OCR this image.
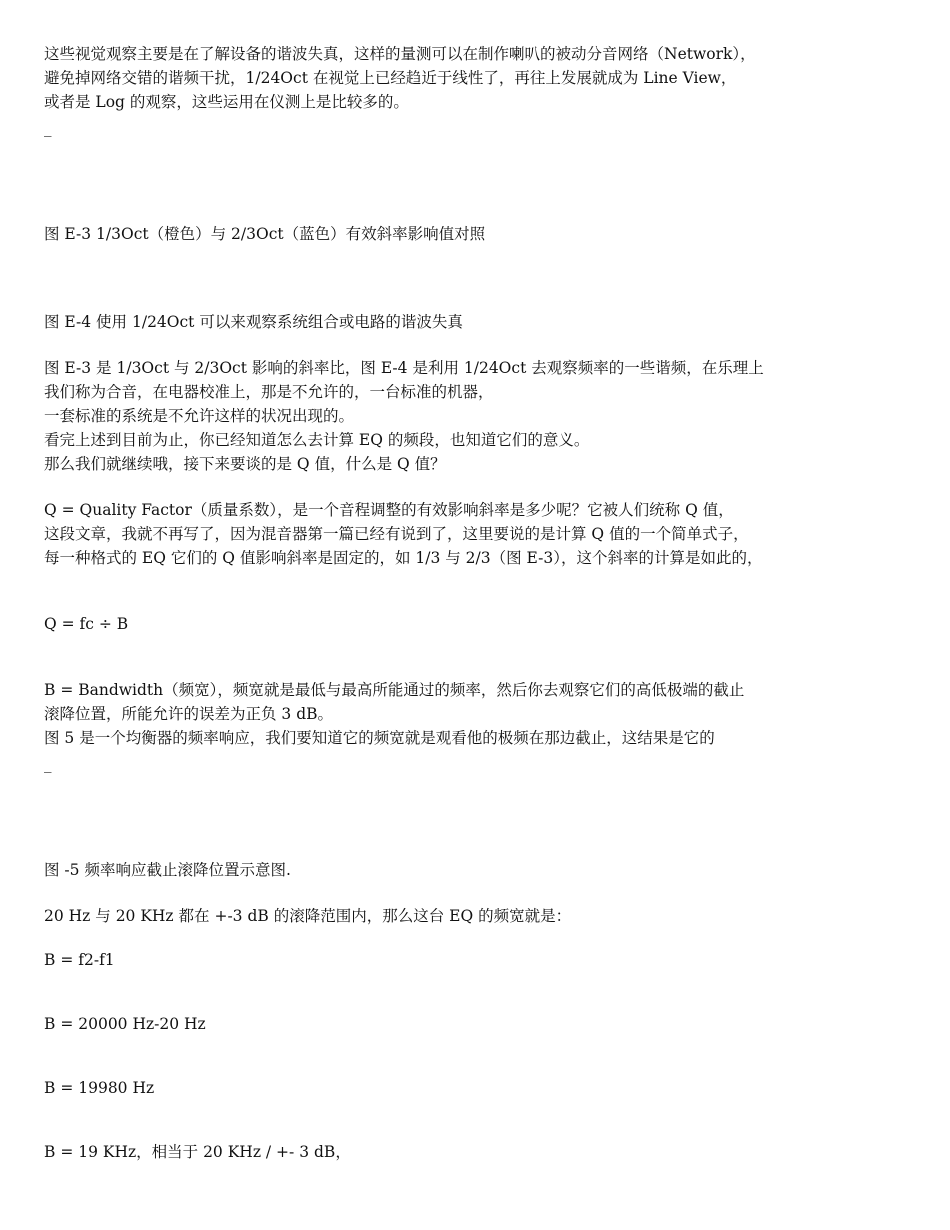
这些视觉观察主要是在了解设备的谐波失真，这样的量测可以在制作喇叭的被动分音网络（Network），
避免掉网络交错的谐频干扰，1/24Oct 在视觉上已经趋近于线性了，再往上发展就成为 Line View，
或者是 Log 的观察，这些运用在仪测上是比较多的。
_
图 E-3 1/3Oct（橙色）与 2/3Oct（蓝色）有效斜率影响值对照
图 E-4 使用 1/24Oct 可以来观察系统组合或电路的谐波失真
图 E-3 是 1/3Oct 与 2/3Oct 影响的斜率比，图 E-4 是利用 1/24Oct 去观察频率的一些谐频，在乐理上
我们称为合音，在电器校准上，那是不允许的，一台标准的机器，
一套标准的系统是不允许这样的状况出现的。
看完上述到目前为止，你已经知道怎么去计算 EQ 的频段，也知道它们的意义。
那么我们就继续哦，接下来要谈的是 Q 值，什么是 Q 值？
Q = Quality Factor（质量系数），是一个音程调整的有效影响斜率是多少呢？它被人们统称 Q 值，
这段文章，我就不再写了，因为混音器第一篇已经有说到了，这里要说的是计算 Q 值的一个简单式子，
每一种格式的 EQ 它们的 Q 值影响斜率是固定的，如 1/3 与 2/3（图 E-3），这个斜率的计算是如此的，
Q = fc ÷ B
B = Bandwidth（频宽），频宽就是最低与最高所能通过的频率，然后你去观察它们的高低极端的截止
滚降位置，所能允许的误差为正负 3 dB。
图 5 是一个均衡器的频率响应，我们要知道它的频宽就是观看他的极频在那边截止，这结果是它的
_
图 -5 频率响应截止滚降位置示意图.
20 Hz 与 20 KHz 都在 +-3 dB 的滚降范围内，那么这台 EQ 的频宽就是：
B = f2-f1
B = 20000 Hz-20 Hz
B = 19980 Hz
B = 19 KHz，相当于 20 KHz / +- 3 dB，
